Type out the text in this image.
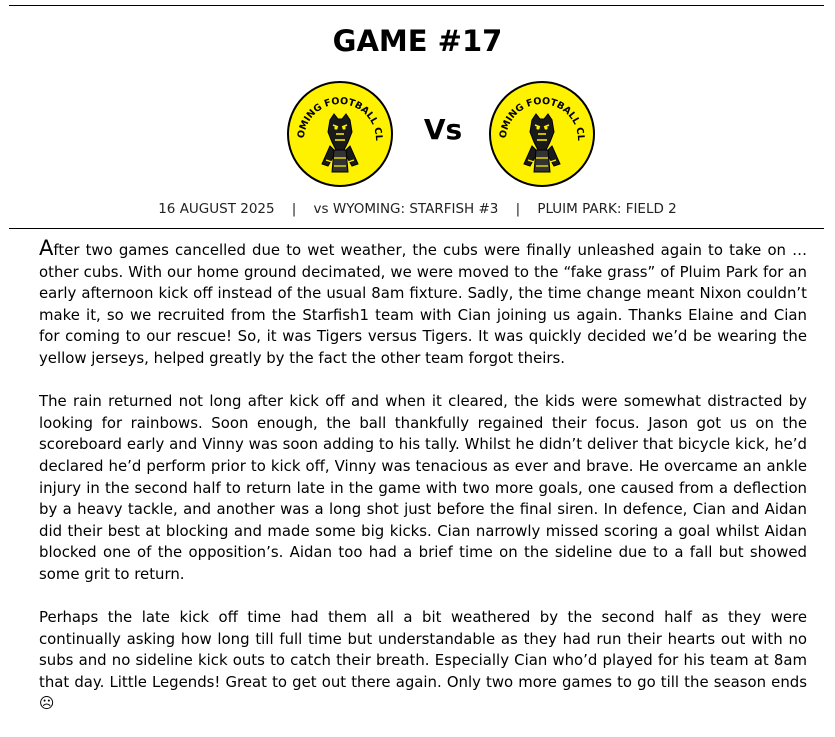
GAME #17
OMING FOOTBALL CL	Vs	OMING FOOTBALL CL
16 AUGUST 2025 | vs WYOMING: STARFISH #3 | PLUIM PARK: FIELD 2

After two games cancelled due to wet weather, the cubs were finally unleashed again to take on … other cubs. With our home ground decimated, we were moved to the “fake grass” of Pluim Park for an early afternoon kick off instead of the usual 8am fixture. Sadly, the time change meant Nixon couldn’t make it, so we recruited from the Starfish1 team with Cian joining us again. Thanks Elaine and Cian for coming to our rescue! So, it was Tigers versus Tigers. It was quickly decided we’d be wearing the yellow jerseys, helped greatly by the fact the other team forgot theirs.

The rain returned not long after kick off and when it cleared, the kids were somewhat distracted by looking for rainbows. Soon enough, the ball thankfully regained their focus. Jason got us on the scoreboard early and Vinny was soon adding to his tally. Whilst he didn’t deliver that bicycle kick, he’d declared he’d perform prior to kick off, Vinny was tenacious as ever and brave. He overcame an ankle injury in the second half to return late in the game with two more goals, one caused from a deflection by a heavy tackle, and another was a long shot just before the final siren. In defence, Cian and Aidan did their best at blocking and made some big kicks. Cian narrowly missed scoring a goal whilst Aidan blocked one of the opposition’s. Aidan too had a brief time on the sideline due to a fall but showed some grit to return.

Perhaps the late kick off time had them all a bit weathered by the second half as they were continually asking how long till full time but understandable as they had run their hearts out with no subs and no sideline kick outs to catch their breath. Especially Cian who’d played for his team at 8am that day. Little Legends! Great to get out there again. Only two more games to go till the season ends ☹
